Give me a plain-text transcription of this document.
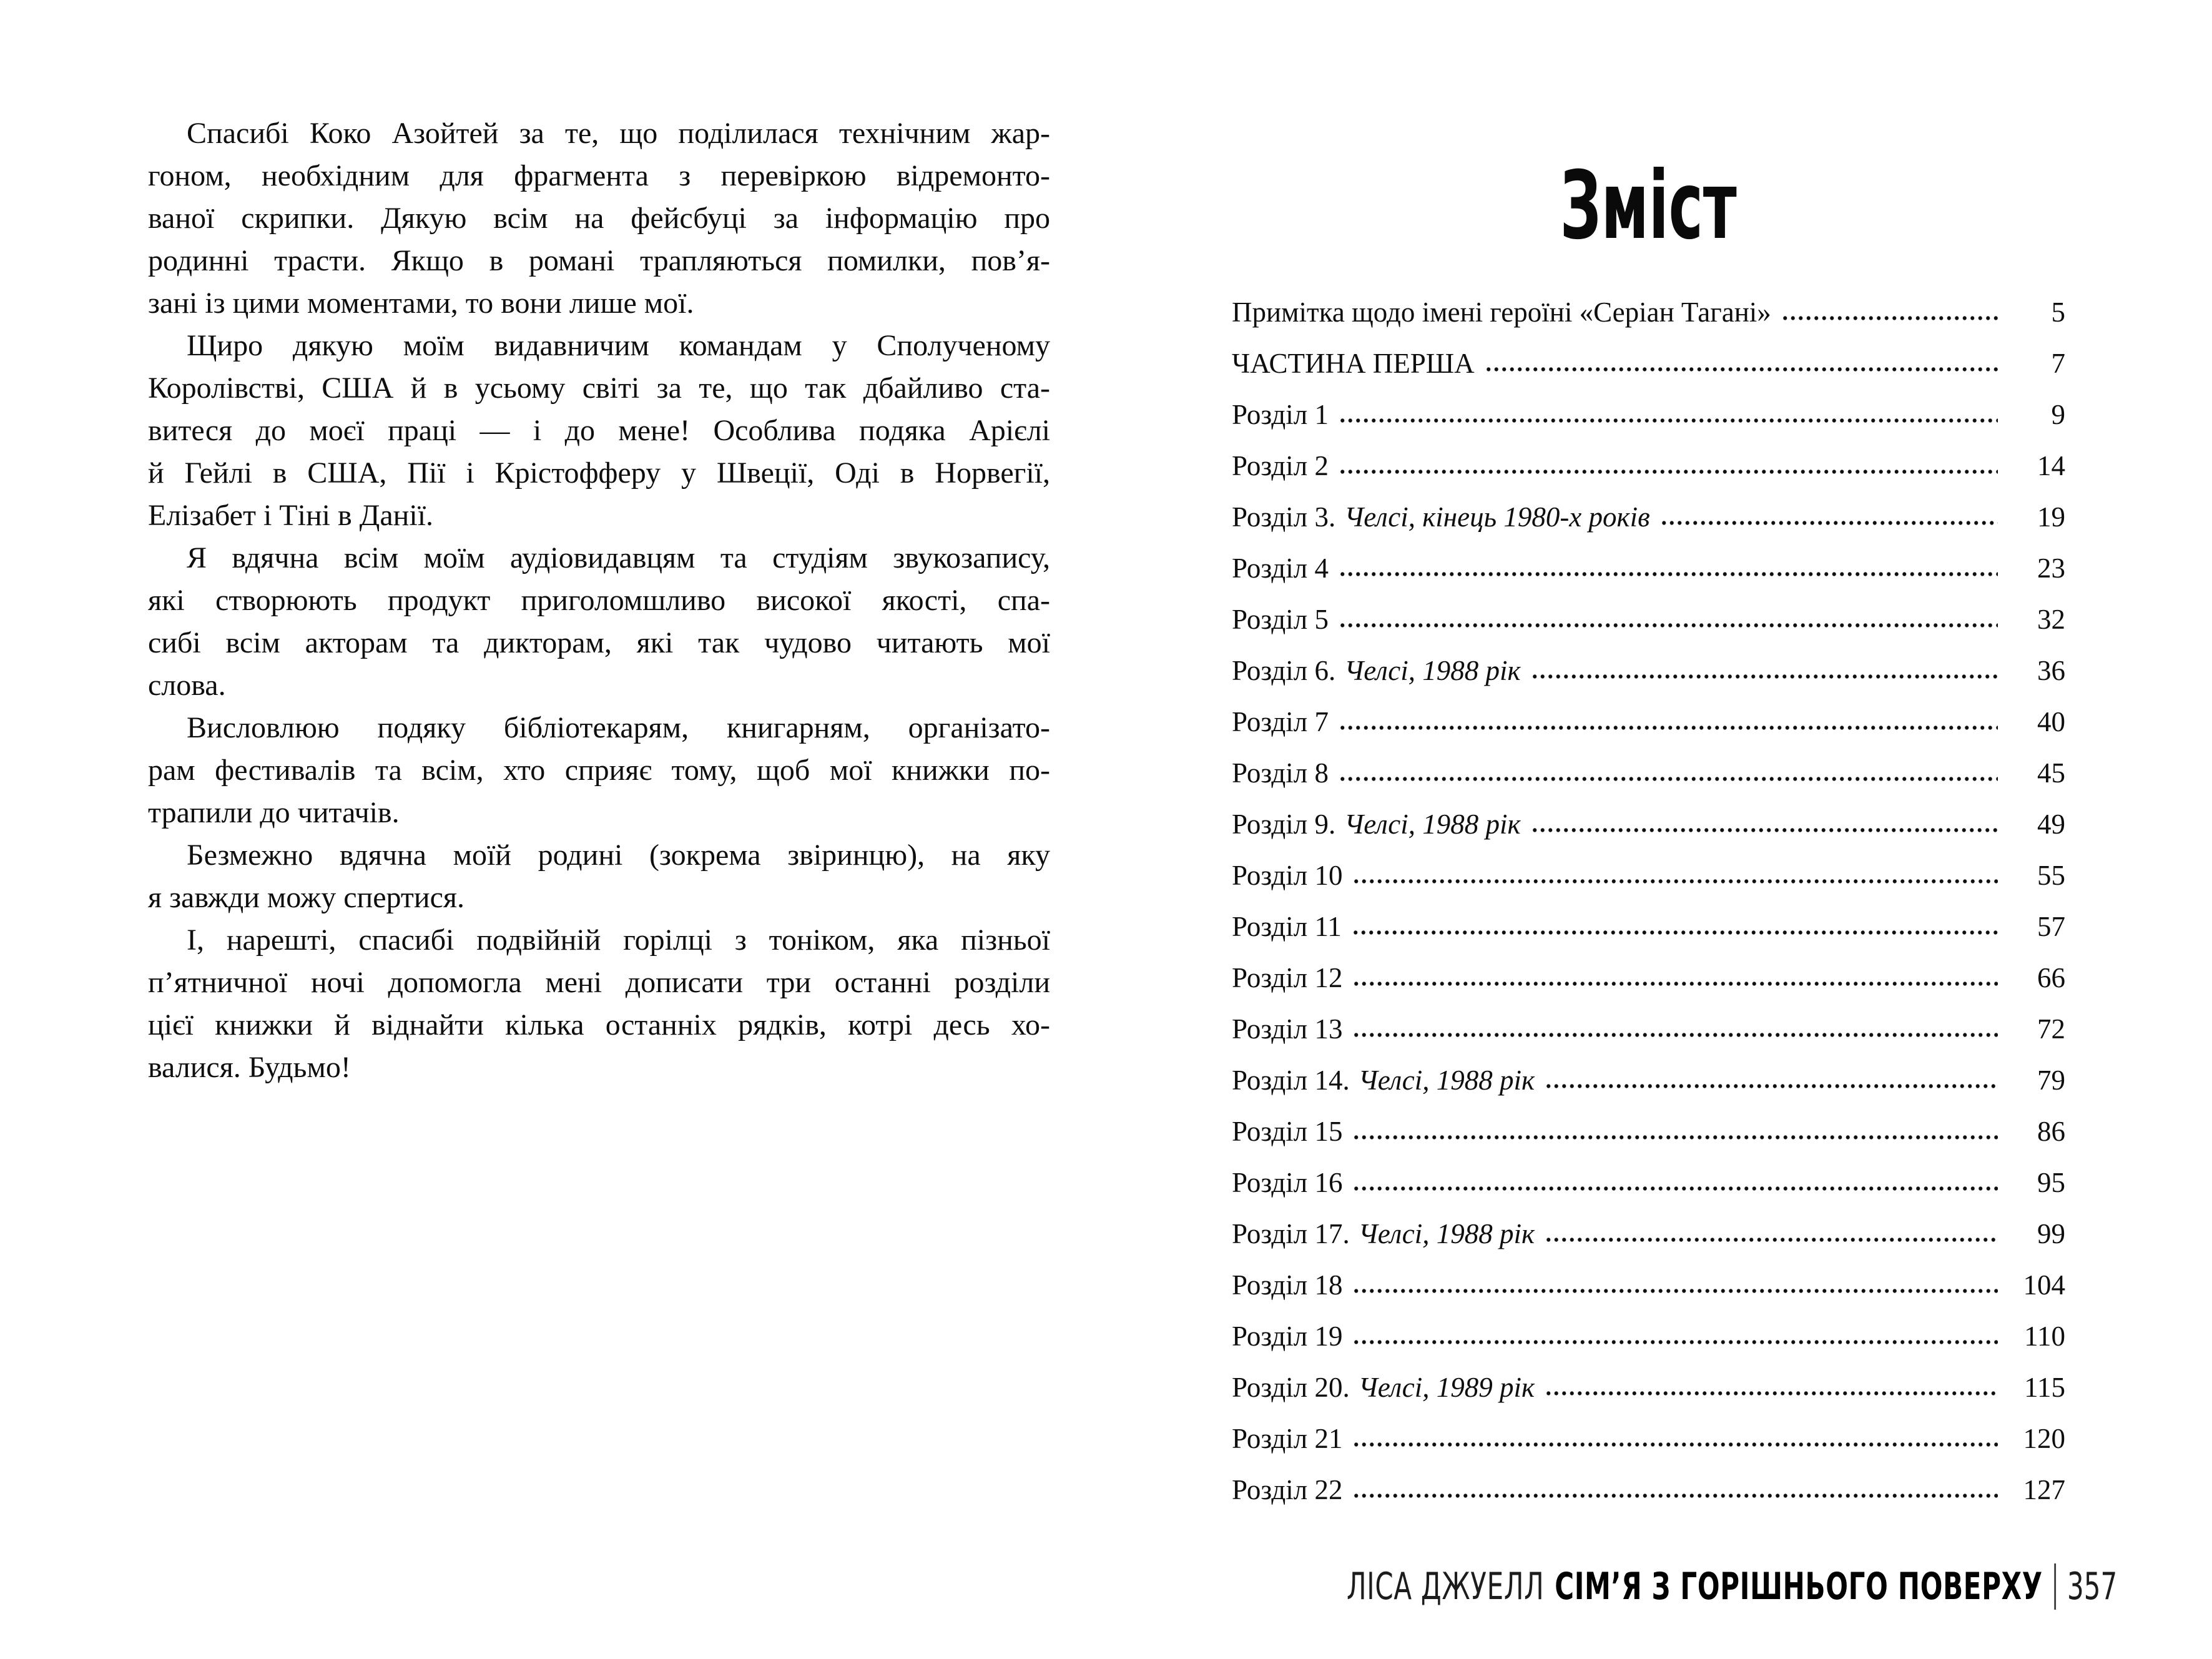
Спасибі Коко Азойтей за те, що поділилася технічним жар-
гоном, необхідним для фрагмента з перевіркою відремонто-
ваної скрипки. Дякую всім на фейсбуці за інформацію про
родинні трасти. Якщо в романі трапляються помилки, пов’я-
зані із цими моментами, то вони лише мої.
Щиро дякую моїм видавничим командам у Сполученому
Королівстві, США й в усьому світі за те, що так дбайливо ста-
витеся до моєї праці — і до мене! Особлива подяка Арієлі
й Гейлі в США, Пії і Крістофферу у Швеції, Оді в Норвегії,
Елізабет і Тіні в Данії.
Я вдячна всім моїм аудіовидавцям та студіям звукозапису,
які створюють продукт приголомшливо високої якості, спа-
сибі всім акторам та дикторам, які так чудово читають мої
слова.
Висловлюю подяку бібліотекарям, книгарням, організато-
рам фестивалів та всім, хто сприяє тому, щоб мої книжки по-
трапили до читачів.
Безмежно вдячна моїй родині (зокрема звіринцю), на яку
я завжди можу спертися.
І, нарешті, спасибі подвійній горілці з тоніком, яка пізньої
п’ятничної ночі допомогла мені дописати три останні розділи
цієї книжки й віднайти кілька останніх рядків, котрі десь хо-
валися. Будьмо!
Зміст
Примітка щодо імені героїні «Серіан Тагані»	5
ЧАСТИНА ПЕРША	7
Розділ 1	9
Розділ 2	14
Розділ 3. Челсі, кінець 1980-х років	19
Розділ 4	23
Розділ 5	32
Розділ 6. Челсі, 1988 рік	36
Розділ 7	40
Розділ 8	45
Розділ 9. Челсі, 1988 рік	49
Розділ 10	55
Розділ 11	57
Розділ 12	66
Розділ 13	72
Розділ 14. Челсі, 1988 рік	79
Розділ 15	86
Розділ 16	95
Розділ 17. Челсі, 1988 рік	99
Розділ 18	104
Розділ 19	110
Розділ 20. Челсі, 1989 рік	115
Розділ 21	120
Розділ 22	127
ЛІСА ДЖУЕЛЛ СІМ’Я З ГОРІШНЬОГО ПОВЕРХУ 357
